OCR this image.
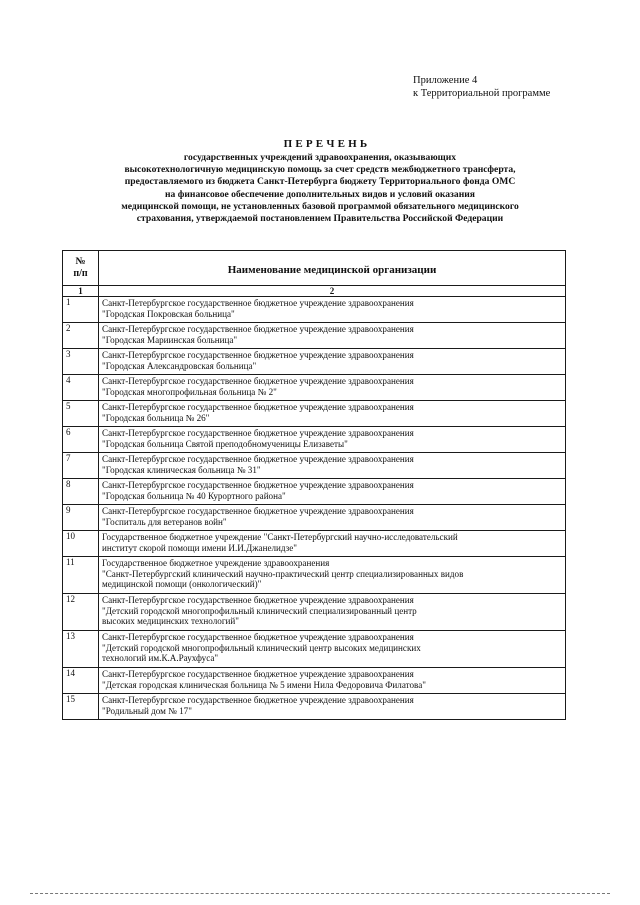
Приложение 4
к Территориальной программе
ПЕРЕЧЕНЬ
государственных учреждений здравоохранения, оказывающих
высокотехнологичную медицинскую помощь за счет средств межбюджетного трансферта,
предоставляемого из бюджета Санкт-Петербурга бюджету Территориального фонда ОМС
на финансовое обеспечение дополнительных видов и условий оказания
медицинской помощи, не установленных базовой программой обязательного медицинского
страхования, утверждаемой постановлением Правительства Российской Федерации
№
п/п	Наименование медицинской организации
1	2
1	Санкт-Петербургское государственное бюджетное учреждение здравоохранения
"Городская Покровская больница"

2	Санкт-Петербургское государственное бюджетное учреждение здравоохранения
"Городская Мариинская больница"

3	Санкт-Петербургское государственное бюджетное учреждение здравоохранения
"Городская Александровская больница"

4	Санкт-Петербургское государственное бюджетное учреждение здравоохранения
"Городская многопрофильная больница № 2"

5	Санкт-Петербургское государственное бюджетное учреждение здравоохранения
"Городская больница № 26"

6	Санкт-Петербургское государственное бюджетное учреждение здравоохранения
"Городская больница Святой преподобномученицы Елизаветы"

7	Санкт-Петербургское государственное бюджетное учреждение здравоохранения
"Городская клиническая больница № 31"

8	Санкт-Петербургское государственное бюджетное учреждение здравоохранения
"Городская больница № 40 Курортного района"

9	Санкт-Петербургское государственное бюджетное учреждение здравоохранения
"Госпиталь для ветеранов войн"

10	Государственное бюджетное учреждение "Санкт-Петербургский научно-исследовательский
институт скорой помощи имени И.И.Джанелидзе"

11	Государственное бюджетное учреждение здравоохранения
"Санкт-Петербургский клинический научно-практический центр специализированных видов
медицинской помощи (онкологический)"

12	Санкт-Петербургское государственное бюджетное учреждение здравоохранения
"Детский городской многопрофильный клинический специализированный центр
высоких медицинских технологий"

13	Санкт-Петербургское государственное бюджетное учреждение здравоохранения
"Детский городской многопрофильный клинический центр высоких медицинских
технологий им.К.А.Раухфуса"

14	Санкт-Петербургское государственное бюджетное учреждение здравоохранения
"Детская городская клиническая больница № 5 имени Нила Федоровича Филатова"

15	Санкт-Петербургское государственное бюджетное учреждение здравоохранения
"Родильный дом № 17"
